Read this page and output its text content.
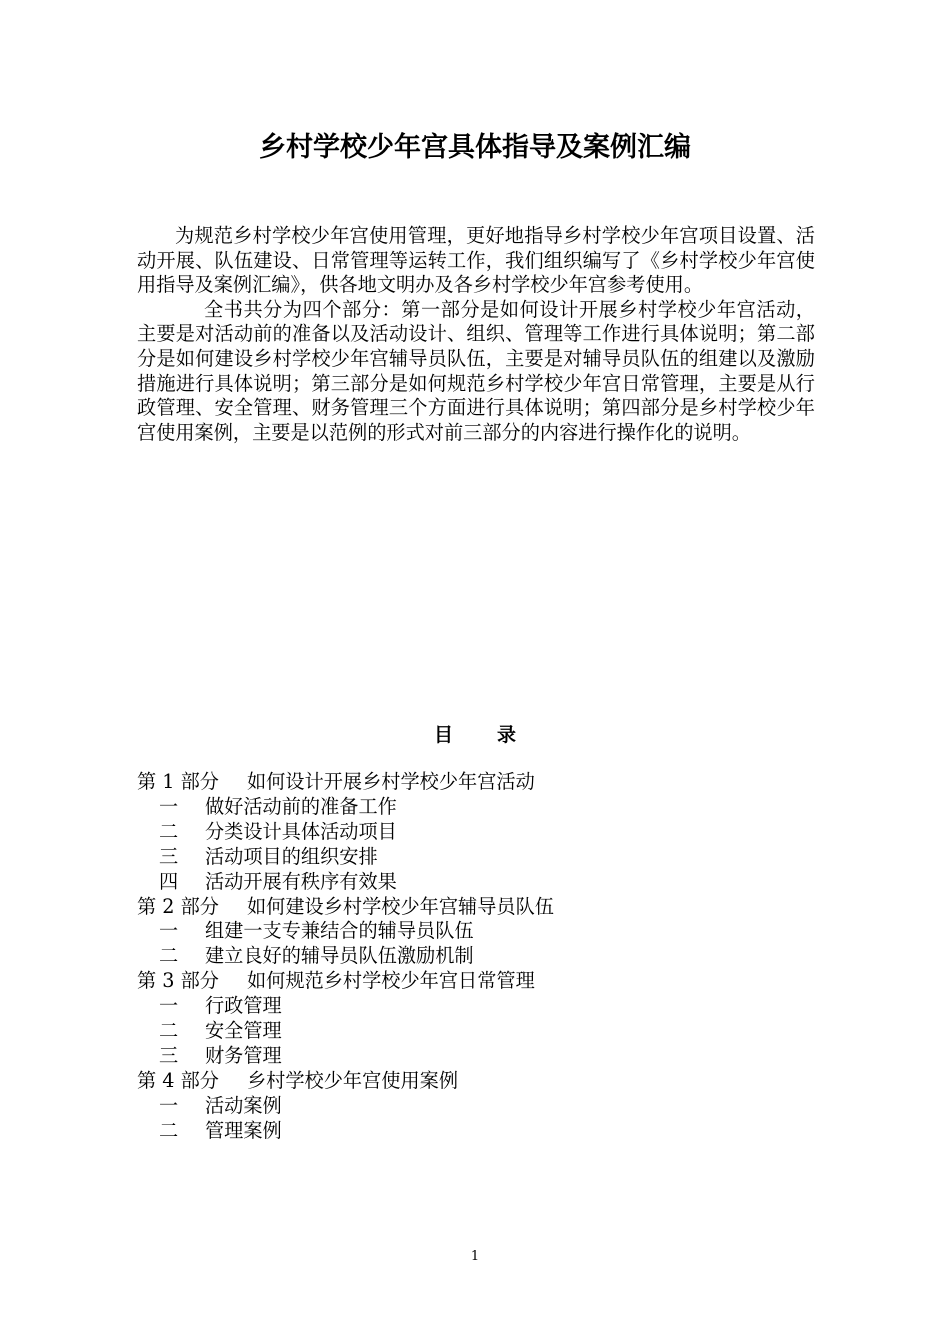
乡村学校少年宫具体指导及案例汇编

为规范乡村学校少年宫使用管理，更好地指导乡村学校少年宫项目设置、活动开展、队伍建设、日常管理等运转工作，我们组织编写了《乡村学校少年宫使用指导及案例汇编》，供各地文明办及各乡村学校少年宫参考使用。

全书共分为四个部分：第一部分是如何设计开展乡村学校少年宫活动，主要是对活动前的准备以及活动设计、组织、管理等工作进行具体说明；第二部分是如何建设乡村学校少年宫辅导员队伍，主要是对辅导员队伍的组建以及激励措施进行具体说明；第三部分是如何规范乡村学校少年宫日常管理，主要是从行政管理、安全管理、财务管理三个方面进行具体说明；第四部分是乡村学校少年宫使用案例，主要是以范例的形式对前三部分的内容进行操作化的说明。

目 录
第 1 部分 如何设计开展乡村学校少年宫活动
一 做好活动前的准备工作
二 分类设计具体活动项目
三 活动项目的组织安排
四 活动开展有秩序有效果
第 2 部分 如何建设乡村学校少年宫辅导员队伍
一 组建一支专兼结合的辅导员队伍
二 建立良好的辅导员队伍激励机制
第 3 部分 如何规范乡村学校少年宫日常管理
一 行政管理
二 安全管理
三 财务管理
第 4 部分 乡村学校少年宫使用案例
一 活动案例
二 管理案例
1
